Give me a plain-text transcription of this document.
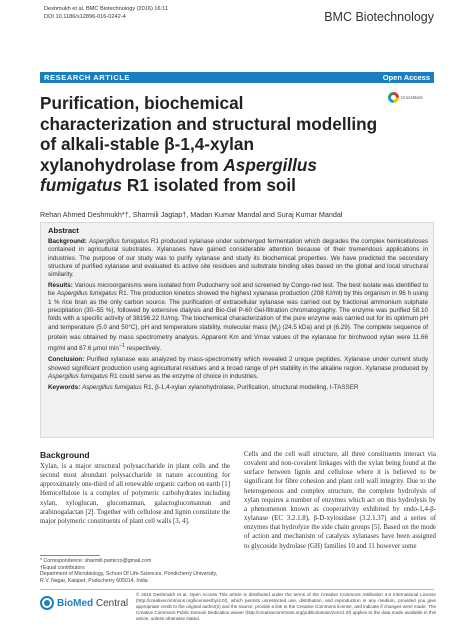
Deshmukh et al. BMC Biotechnology (2016) 16:11
DOI 10.1186/s12896-016-0242-4	BMC Biotechnology
RESEARCH ARTICLE	Open Access
CrossMark
Purification, biochemical characterization and structural modelling of alkali-stable β-1,4-xylan xylanohydrolase from Aspergillus fumigatus R1 isolated from soil
Rehan Ahmed Deshmukh*†, Sharmili Jagtap†, Madan Kumar Mandal and Suraj Kumar Mandal
Abstract

Background: Aspergillus fumigatus R1 produced xylanase under submerged fermentation which degrades the complex hemicelluloses contained in agricultural substrates. Xylanases have gained considerable attention because of their tremendous applications in industries. The purpose of our study was to purify xylanase and study its biochemical properties. We have predicted the secondary structure of purified xylanase and evaluated its active site residues and substrate binding sites based on the global and local structural similarity.

Results: Various microorganisms were isolated from Puducherry soil and screened by Congo-red test. The best isolate was identified to be Aspergillus fumigatus R1. The production kinetics showed the highest xylanase production (208 IU/ml) by this organism in 96 h using 1 % rice bran as the only carbon source. The purification of extracellular xylanase was carried out by fractional ammonium sulphate precipitation (30–55 %), followed by extensive dialysis and Bio-Gel P-60 Gel-filtration chromatography. The enzyme was purified 58.10 folds with a specific activity of 38196.22 IU/mg. The biochemical characterization of the pure enzyme was carried out for its optimum pH and temperature (5.0 and 50°C), pH and temperature stability, molecular mass $(M_r)$ (24.5 kDa) and pI (6.29). The complete sequence of protein was obtained by mass spectrometry analysis. Apparent Km and Vmax values of the xylanase for birchwood xylan were 11.66 mg/ml and 87.6 μmol $\min^{-1}$ respectively.

Conclusion: Purified xylanase was analyzed by mass-spectrometry which revealed 2 unique peptides. Xylanase under current study showed significant production using agricultural residues and a broad range of pH stability in the alkaline region. Xylanase produced by Aspergillus fumigatus R1 could serve as the enzyme of choice in industries.

Keywords: Aspergillus fumigatus R1, β-1,4-xylan xylanohydrolase, Purification, structural modelling, I-TASSER

Background
Xylan, is a major structural polysaccharide in plant cells and the second most abundant polysaccharide in nature accounting for approximately one-third of all renewable organic carbon on earth [1] Hemicellulose is a complex of polymeric carbohydrates including xylan, xyloglucan, glucomannan, galactoglucomannan and arabinogalactan [2]. Together with cellulose and lignin constitute the major polymeric constituents of plant cell walls [3, 4].
Cells and the cell wall structure, all three constituents interact via covalent and non-covalent linkages with the xylan being found at the surface between lignin and cellulose where it is believed to be significant for fibre cohesion and plant cell wall integrity. Due to the heterogeneous and complex structure, the complete hydrolysis of xylan requires a number of enzymes which act on this hydrolysis by a phenomenon known as cooperativity exhibited by endo-1,4-β-xylanase (EC 3.2.1.8), β-D-xylosidase (3.2.1.37) and a series of enzymes that hydrolyze the side chain groups [5]. Based on the mode of action and mechanism of catalysis xylanases have been assigned to glycoside hydrolase (GH) families 10 and 11 however some
* Correspondence: sharmili.pamicro@gmail.com
†Equal contributors
Department of Microbiology, School Of Life-Sciences, Pondicherry University,
R.V. Nagar, Kalapet, Puducherry 605014, India
BioMed Central
© 2016 Deshmukh et al. Open Access This article is distributed under the terms of the Creative Commons Attribution 4.0 International License (http://creativecommons.org/licenses/by/4.0/), which permits unrestricted use, distribution, and reproduction in any medium, provided you give appropriate credit to the original author(s) and the source, provide a link to the Creative Commons license, and indicate if changes were made. The Creative Commons Public Domain Dedication waiver (http://creativecommons.org/publicdomain/zero/1.0/) applies to the data made available in this article, unless otherwise stated.
